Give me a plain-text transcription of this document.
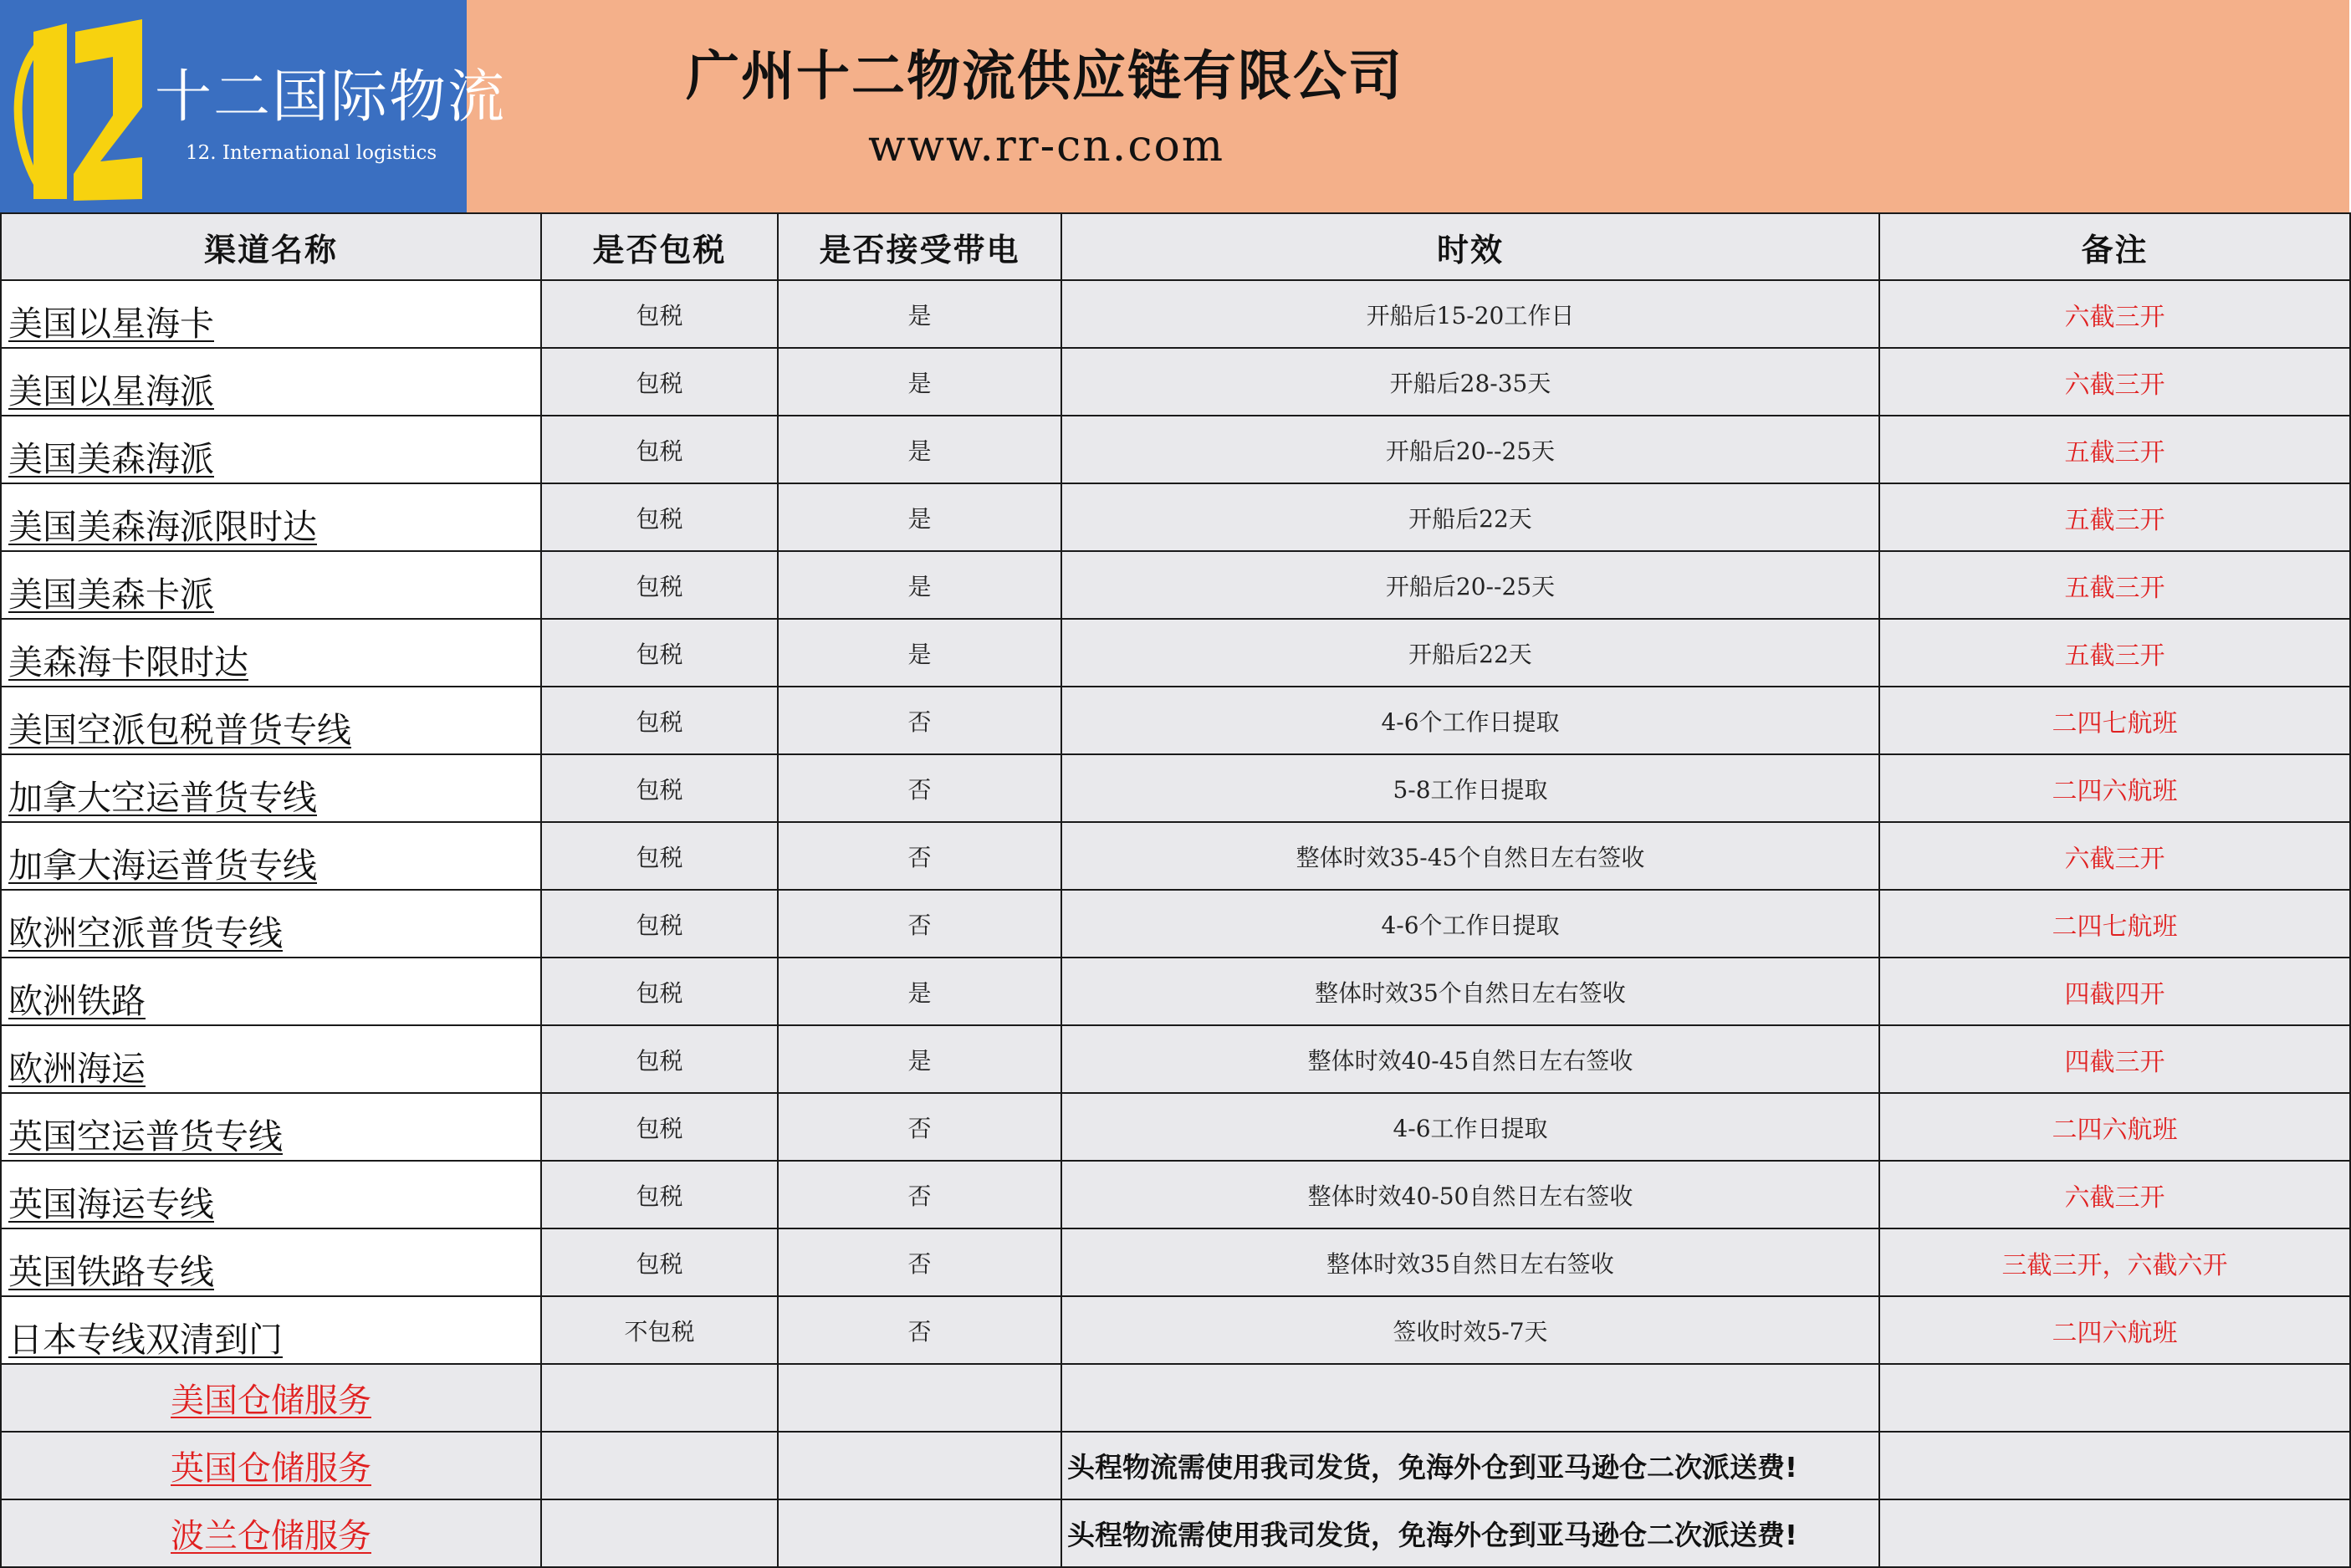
十二国际物流
12. International logistics
广州十二物流供应链有限公司
www.rr-cn.com
渠道名称	是否包税	是否接受带电	时效	备注
美国以星海卡	包税	是	开船后15-20工作日	六截三开
美国以星海派	包税	是	开船后28-35天	六截三开
美国美森海派	包税	是	开船后20--25天	五截三开
美国美森海派限时达	包税	是	开船后22天	五截三开
美国美森卡派	包税	是	开船后20--25天	五截三开
美森海卡限时达	包税	是	开船后22天	五截三开
美国空派包税普货专线	包税	否	4-6个工作日提取	二四七航班
加拿大空运普货专线	包税	否	5-8工作日提取	二四六航班
加拿大海运普货专线	包税	否	整体时效35-45个自然日左右签收	六截三开
欧洲空派普货专线	包税	否	4-6个工作日提取	二四七航班
欧洲铁路	包税	是	整体时效35个自然日左右签收	四截四开
欧洲海运	包税	是	整体时效40-45自然日左右签收	四截三开
英国空运普货专线	包税	否	4-6工作日提取	二四六航班
英国海运专线	包税	否	整体时效40-50自然日左右签收	六截三开
英国铁路专线	包税	否	整体时效35自然日左右签收	三截三开，六截六开
日本专线双清到门	不包税	否	签收时效5-7天	二四六航班
美国仓储服务				
英国仓储服务			头程物流需使用我司发货，免海外仓到亚马逊仓二次派送费!	
波兰仓储服务			头程物流需使用我司发货，免海外仓到亚马逊仓二次派送费!	
